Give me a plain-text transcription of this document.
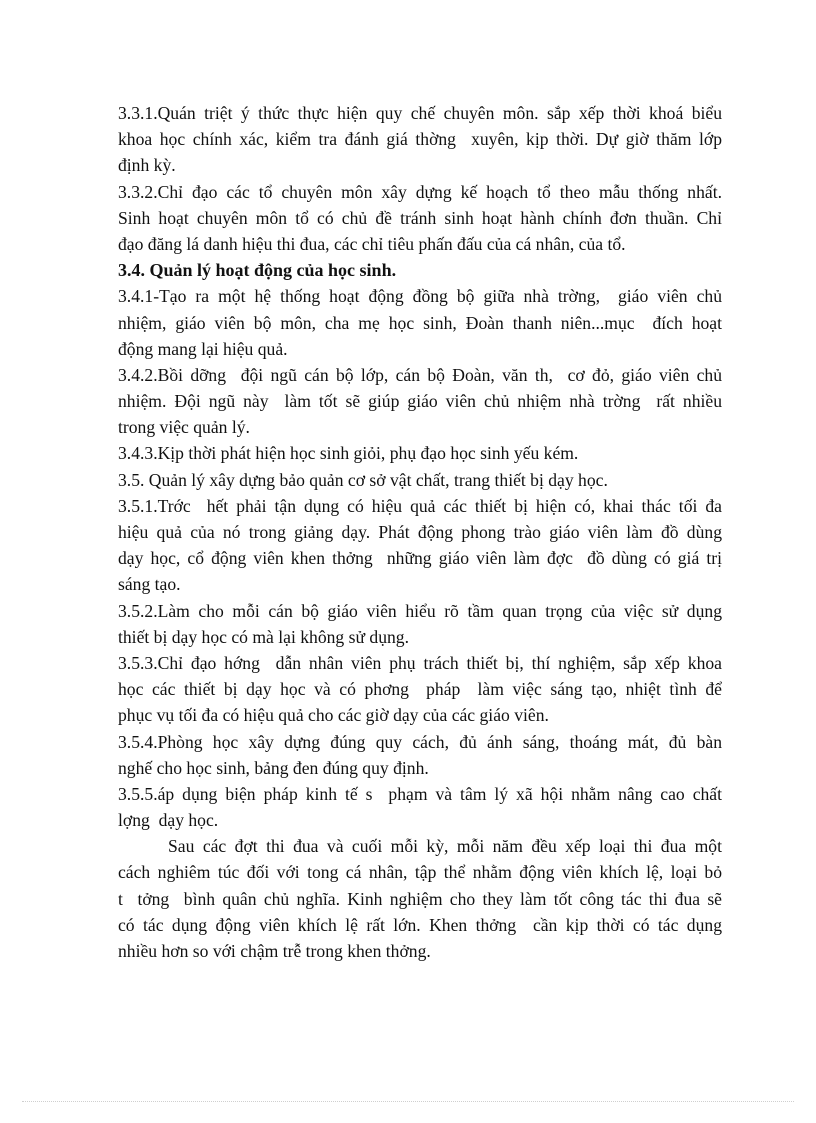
3.3.1.Quán triệt ý thức thực hiện quy chế chuyên môn. sắp xếp thời khoá biểu
khoa học chính xác, kiểm tra đánh giá thờng  xuyên, kịp thời. Dự giờ thăm lớp
định kỳ.
3.3.2.Chỉ đạo các tổ chuyên môn xây dựng kế hoạch tổ theo mẫu thống nhất.
Sinh hoạt chuyên môn tổ có chủ đề tránh sinh hoạt hành chính đơn thuần. Chỉ
đạo đăng lá danh hiệu thi đua, các chỉ tiêu phấn đấu của cá nhân, của tổ.
3.4. Quản lý hoạt động của học sinh.
3.4.1-Tạo ra một hệ thống hoạt động đồng bộ giữa nhà trờng,  giáo viên chủ
nhiệm, giáo viên bộ môn, cha mẹ học sinh, Đoàn thanh niên...mục  đích hoạt
động mang lại hiệu quả.
3.4.2.Bồi dỡng  đội ngũ cán bộ lớp, cán bộ Đoàn, văn th,  cơ đỏ, giáo viên chủ
nhiệm. Đội ngũ này  làm tốt sẽ giúp giáo viên chủ nhiệm nhà trờng  rất nhiều
trong việc quản lý.
3.4.3.Kịp thời phát hiện học sinh giỏi, phụ đạo học sinh yếu kém.
3.5. Quản lý xây dựng bảo quản cơ sở vật chất, trang thiết bị dạy học.
3.5.1.Trớc  hết phải tận dụng có hiệu quả các thiết bị hiện có, khai thác tối đa
hiệu quả của nó trong giảng dạy. Phát động phong trào giáo viên làm đồ dùng
dạy học, cổ động viên khen thởng  những giáo viên làm đợc  đồ dùng có giá trị
sáng tạo.
3.5.2.Làm cho mỗi cán bộ giáo viên hiểu rõ tầm quan trọng của việc sử dụng
thiết bị dạy học có mà lại không sử dụng.
3.5.3.Chỉ đạo hớng  dẫn nhân viên phụ trách thiết bị, thí nghiệm, sắp xếp khoa
học các thiết bị dạy học và có phơng  pháp  làm việc sáng tạo, nhiệt tình để
phục vụ tối đa có hiệu quả cho các giờ dạy của các giáo viên.
3.5.4.Phòng học xây dựng đúng quy cách, đủ ánh sáng, thoáng mát, đủ bàn
nghế cho học sinh, bảng đen đúng quy định.
3.5.5.áp dụng biện pháp kinh tế s  phạm và tâm lý xã hội nhằm nâng cao chất
lợng  dạy học.
Sau các đợt thi đua và cuối mỗi kỳ, mỗi năm đều xếp loại thi đua một
cách nghiêm túc đối với tong cá nhân, tập thể nhằm động viên khích lệ, loại bỏ
t  tởng  bình quân chủ nghĩa. Kinh nghiệm cho they làm tốt công tác thi đua sẽ
có tác dụng động viên khích lệ rất lớn. Khen thởng  cần kịp thời có tác dụng
nhiều hơn so với chậm trễ trong khen thởng.
